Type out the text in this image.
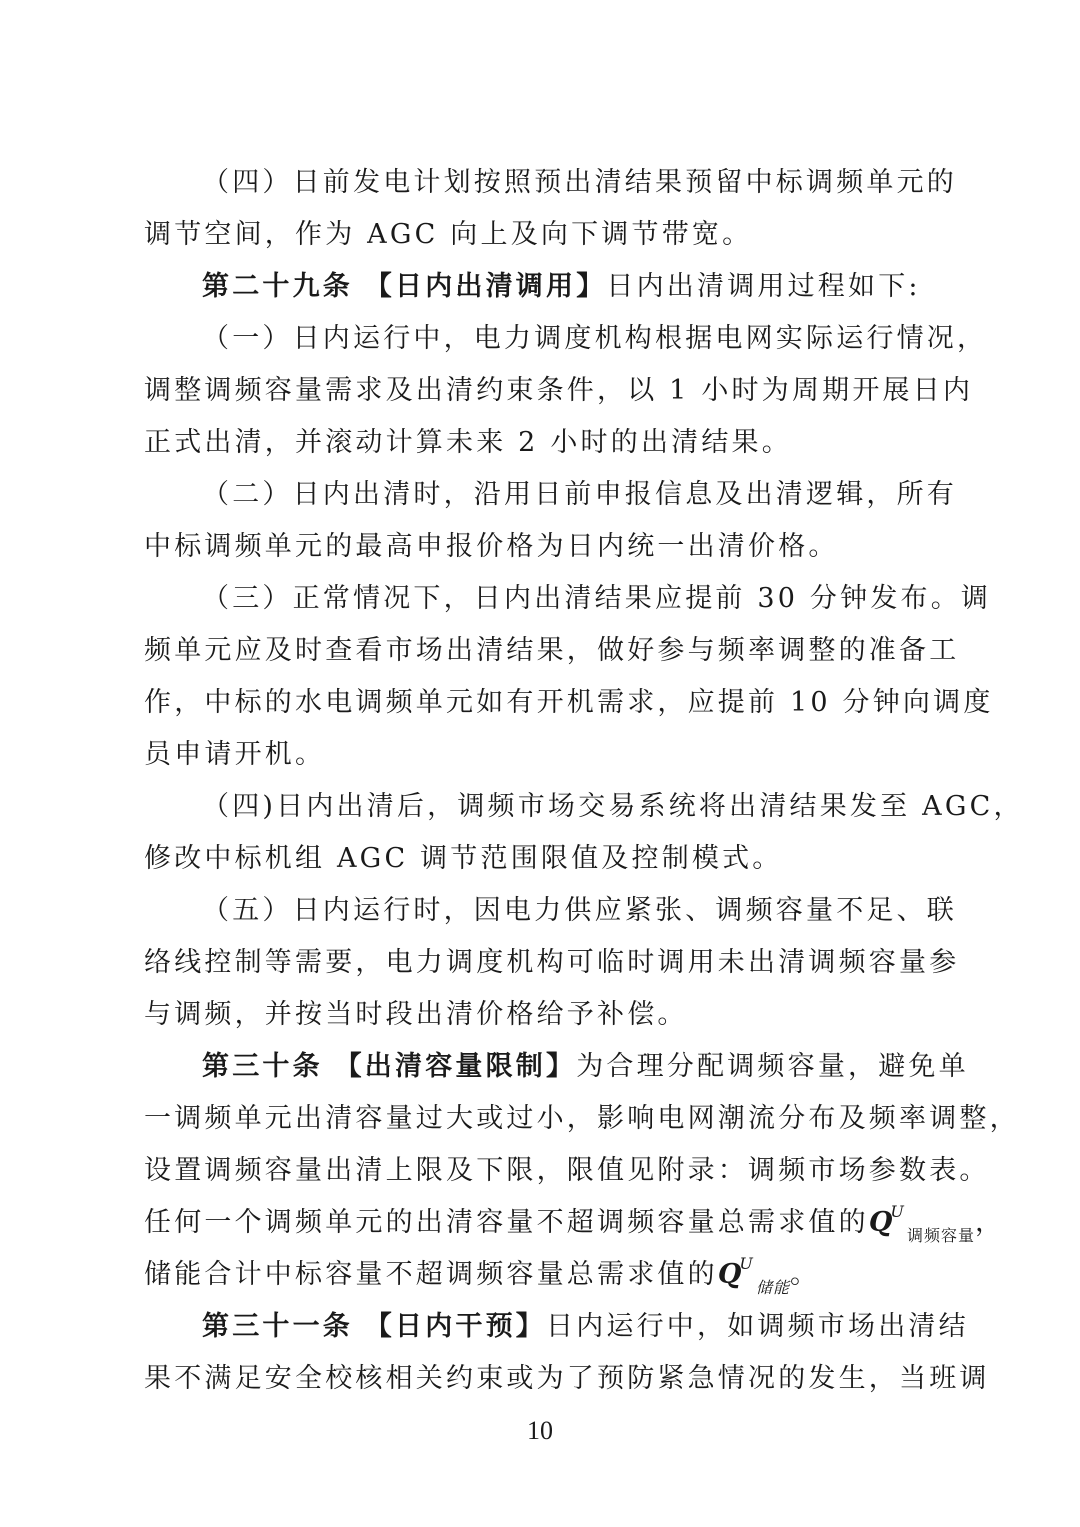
（四）日前发电计划按照预出清结果预留中标调频单元的
调节空间，作为 AGC 向上及向下调节带宽。
第二十九条 【日内出清调用】日内出清调用过程如下:
（一）日内运行中，电力调度机构根据电网实际运行情况，
调整调频容量需求及出清约束条件，以 1 小时为周期开展日内
正式出清，并滚动计算未来 2 小时的出清结果。
（二）日内出清时，沿用日前申报信息及出清逻辑，所有
中标调频单元的最高申报价格为日内统一出清价格。
（三）正常情况下，日内出清结果应提前 30 分钟发布。调
频单元应及时查看市场出清结果，做好参与频率调整的准备工
作，中标的水电调频单元如有开机需求，应提前 10 分钟向调度
员申请开机。
（四)日内出清后，调频市场交易系统将出清结果发至 AGC，
修改中标机组 AGC 调节范围限值及控制模式。
（五）日内运行时，因电力供应紧张、调频容量不足、联
络线控制等需要，电力调度机构可临时调用未出清调频容量参
与调频，并按当时段出清价格给予补偿。
第三十条 【出清容量限制】为合理分配调频容量，避免单
一调频单元出清容量过大或过小，影响电网潮流分布及频率调整，
设置调频容量出清上限及下限，限值见附录：调频市场参数表。
任何一个调频单元的出清容量不超调频容量总需求值的$Q^U_{调频容量}$，
储能合计中标容量不超调频容量总需求值的$Q^U_{储能}$。
第三十一条 【日内干预】日内运行中，如调频市场出清结
果不满足安全校核相关约束或为了预防紧急情况的发生，当班调
10
